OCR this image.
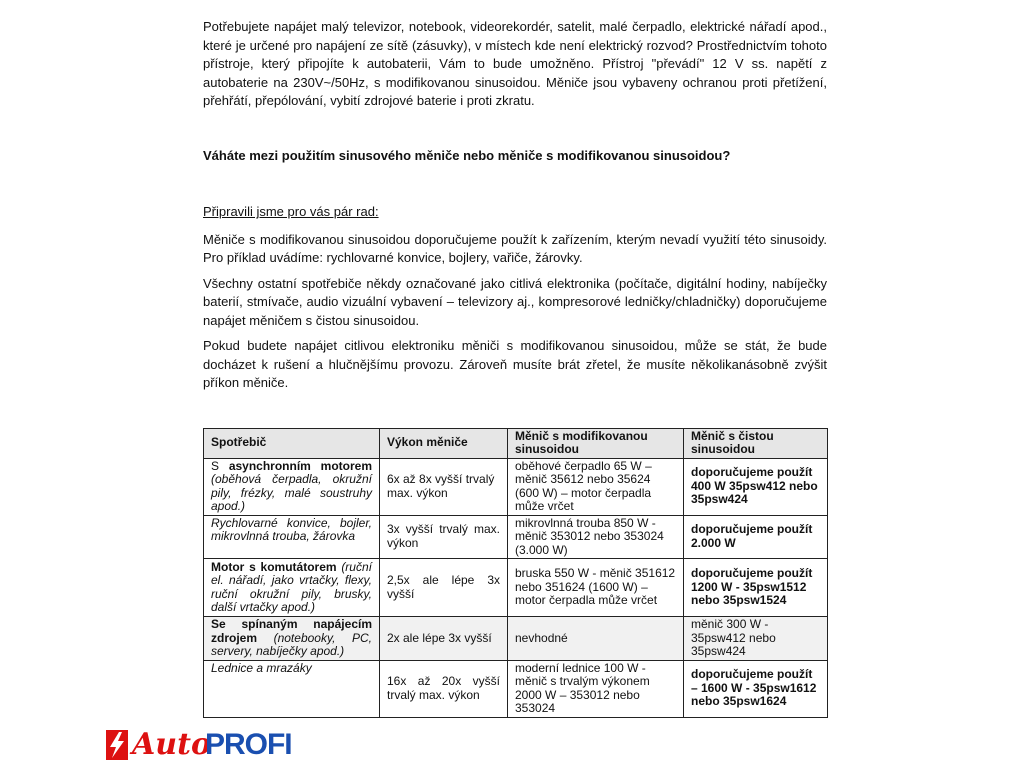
Potřebujete napájet malý televizor, notebook, videorekordér, satelit, malé čerpadlo, elektrické nářadí apod., které je určené pro napájení ze sítě (zásuvky), v místech kde není elektrický rozvod? Prostřednictvím tohoto přístroje, který připojíte k autobaterii, Vám to bude umožněno. Přístroj "převádí" 12 V ss. napětí z autobaterie na 230V~/50Hz, s modifikovanou sinusoidou. Měniče jsou vybaveny ochranou proti přetížení, přehřátí, přepólování, vybití zdrojové baterie i proti zkratu.

Váháte mezi použitím sinusového měniče nebo měniče s modifikovanou sinusoidou?

Připravili jsme pro vás pár rad:

Měniče s modifikovanou sinusoidou doporučujeme použít k zařízením, kterým nevadí využití této sinusoidy. Pro příklad uvádíme: rychlovarné konvice, bojlery, vařiče, žárovky.

Všechny ostatní spotřebiče někdy označované jako citlivá elektronika (počítače, digitální hodiny, nabíječky baterií, stmívače, audio vizuální vybavení – televizory aj., kompresorové ledničky/chladničky) doporučujeme napájet měničem s čistou sinusoidou.

Pokud budete napájet citlivou elektroniku měniči s modifikovanou sinusoidou, může se stát, že bude docházet k rušení a hlučnějšímu provozu. Zároveň musíte brát zřetel, že musíte několikanásobně zvýšit příkon měniče.

Spotřebič	Výkon měniče	Měnič s modifikovanou sinusoidou	Měnič s čistou sinusoidou
S asynchronním motorem (oběhová čerpadla, okružní pily, frézky, malé soustruhy apod.)	6x až 8x vyšší trvalý max. výkon	oběhové čerpadlo 65 W – měnič 35612 nebo 35624 (600 W) – motor čerpadla může vrčet	doporučujeme použít 400 W 35psw412 nebo 35psw424
Rychlovarné konvice, bojler, mikrovlnná trouba, žárovka	3x vyšší trvalý max. výkon	mikrovlnná trouba 850 W - měnič 353012 nebo 353024 (3.000 W)	doporučujeme použít 2.000 W
Motor s komutátorem (ruční el. nářadí, jako vrtačky, flexy, ruční okružní pily, brusky, další vrtačky apod.)	2,5x ale lépe 3x vyšší	bruska 550 W - měnič 351612 nebo 351624 (1600 W) – motor čerpadla může vrčet	doporučujeme použít 1200 W - 35psw1512 nebo 35psw1524
Se spínaným napájecím zdrojem (notebooky, PC, servery, nabíječky apod.)	2x ale lépe 3x vyšší	nevhodné	měnič 300 W - 35psw412 nebo 35psw424
Lednice a mrazáky	16x až 20x vyšší trvalý max. výkon	moderní lednice 100 W - měnič s trvalým výkonem 2000 W – 353012 nebo 353024	doporučujeme použít – 1600 W - 35psw1612 nebo 35psw1624
Auto
PROFI
